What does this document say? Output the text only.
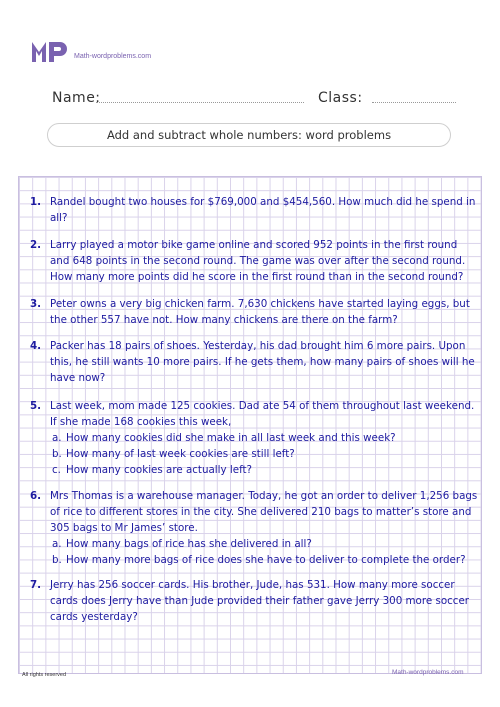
Math-wordproblems.com
Name:	Class:
Add and subtract whole numbers: word problems
1. Randel bought two houses for $769,000 and $454,560. How much did he spend in all?
2. Larry played a motor bike game online and scored 952 points in the first round and 648 points in the second round. The game was over after the second round. How many more points did he score in the first round than in the second round?
3. Peter owns a very big chicken farm. 7,630 chickens have started laying eggs, but the other 557 have not. How many chickens are there on the farm?
4. Packer has 18 pairs of shoes. Yesterday, his dad brought him 6 more pairs. Upon this, he still wants 10 more pairs. If he gets them, how many pairs of shoes will he have now?
5. Last week, mom made 125 cookies. Dad ate 54 of them throughout last weekend. If she made 168 cookies this week,
a. How many cookies did she make in all last week and this week?
b. How many of last week cookies are still left?
c. How many cookies are actually left?
6. Mrs Thomas is a warehouse manager. Today, he got an order to deliver 1,256 bags of rice to different stores in the city. She delivered 210 bags to matter’s store and 305 bags to Mr James’ store.
a. How many bags of rice has she delivered in all?
b. How many more bags of rice does she have to deliver to complete the order?
7. Jerry has 256 soccer cards. His brother, Jude, has 531. How many more soccer cards does Jerry have than Jude provided their father gave Jerry 300 more soccer cards yesterday?
Math-wordproblems.com
All rights reserved
